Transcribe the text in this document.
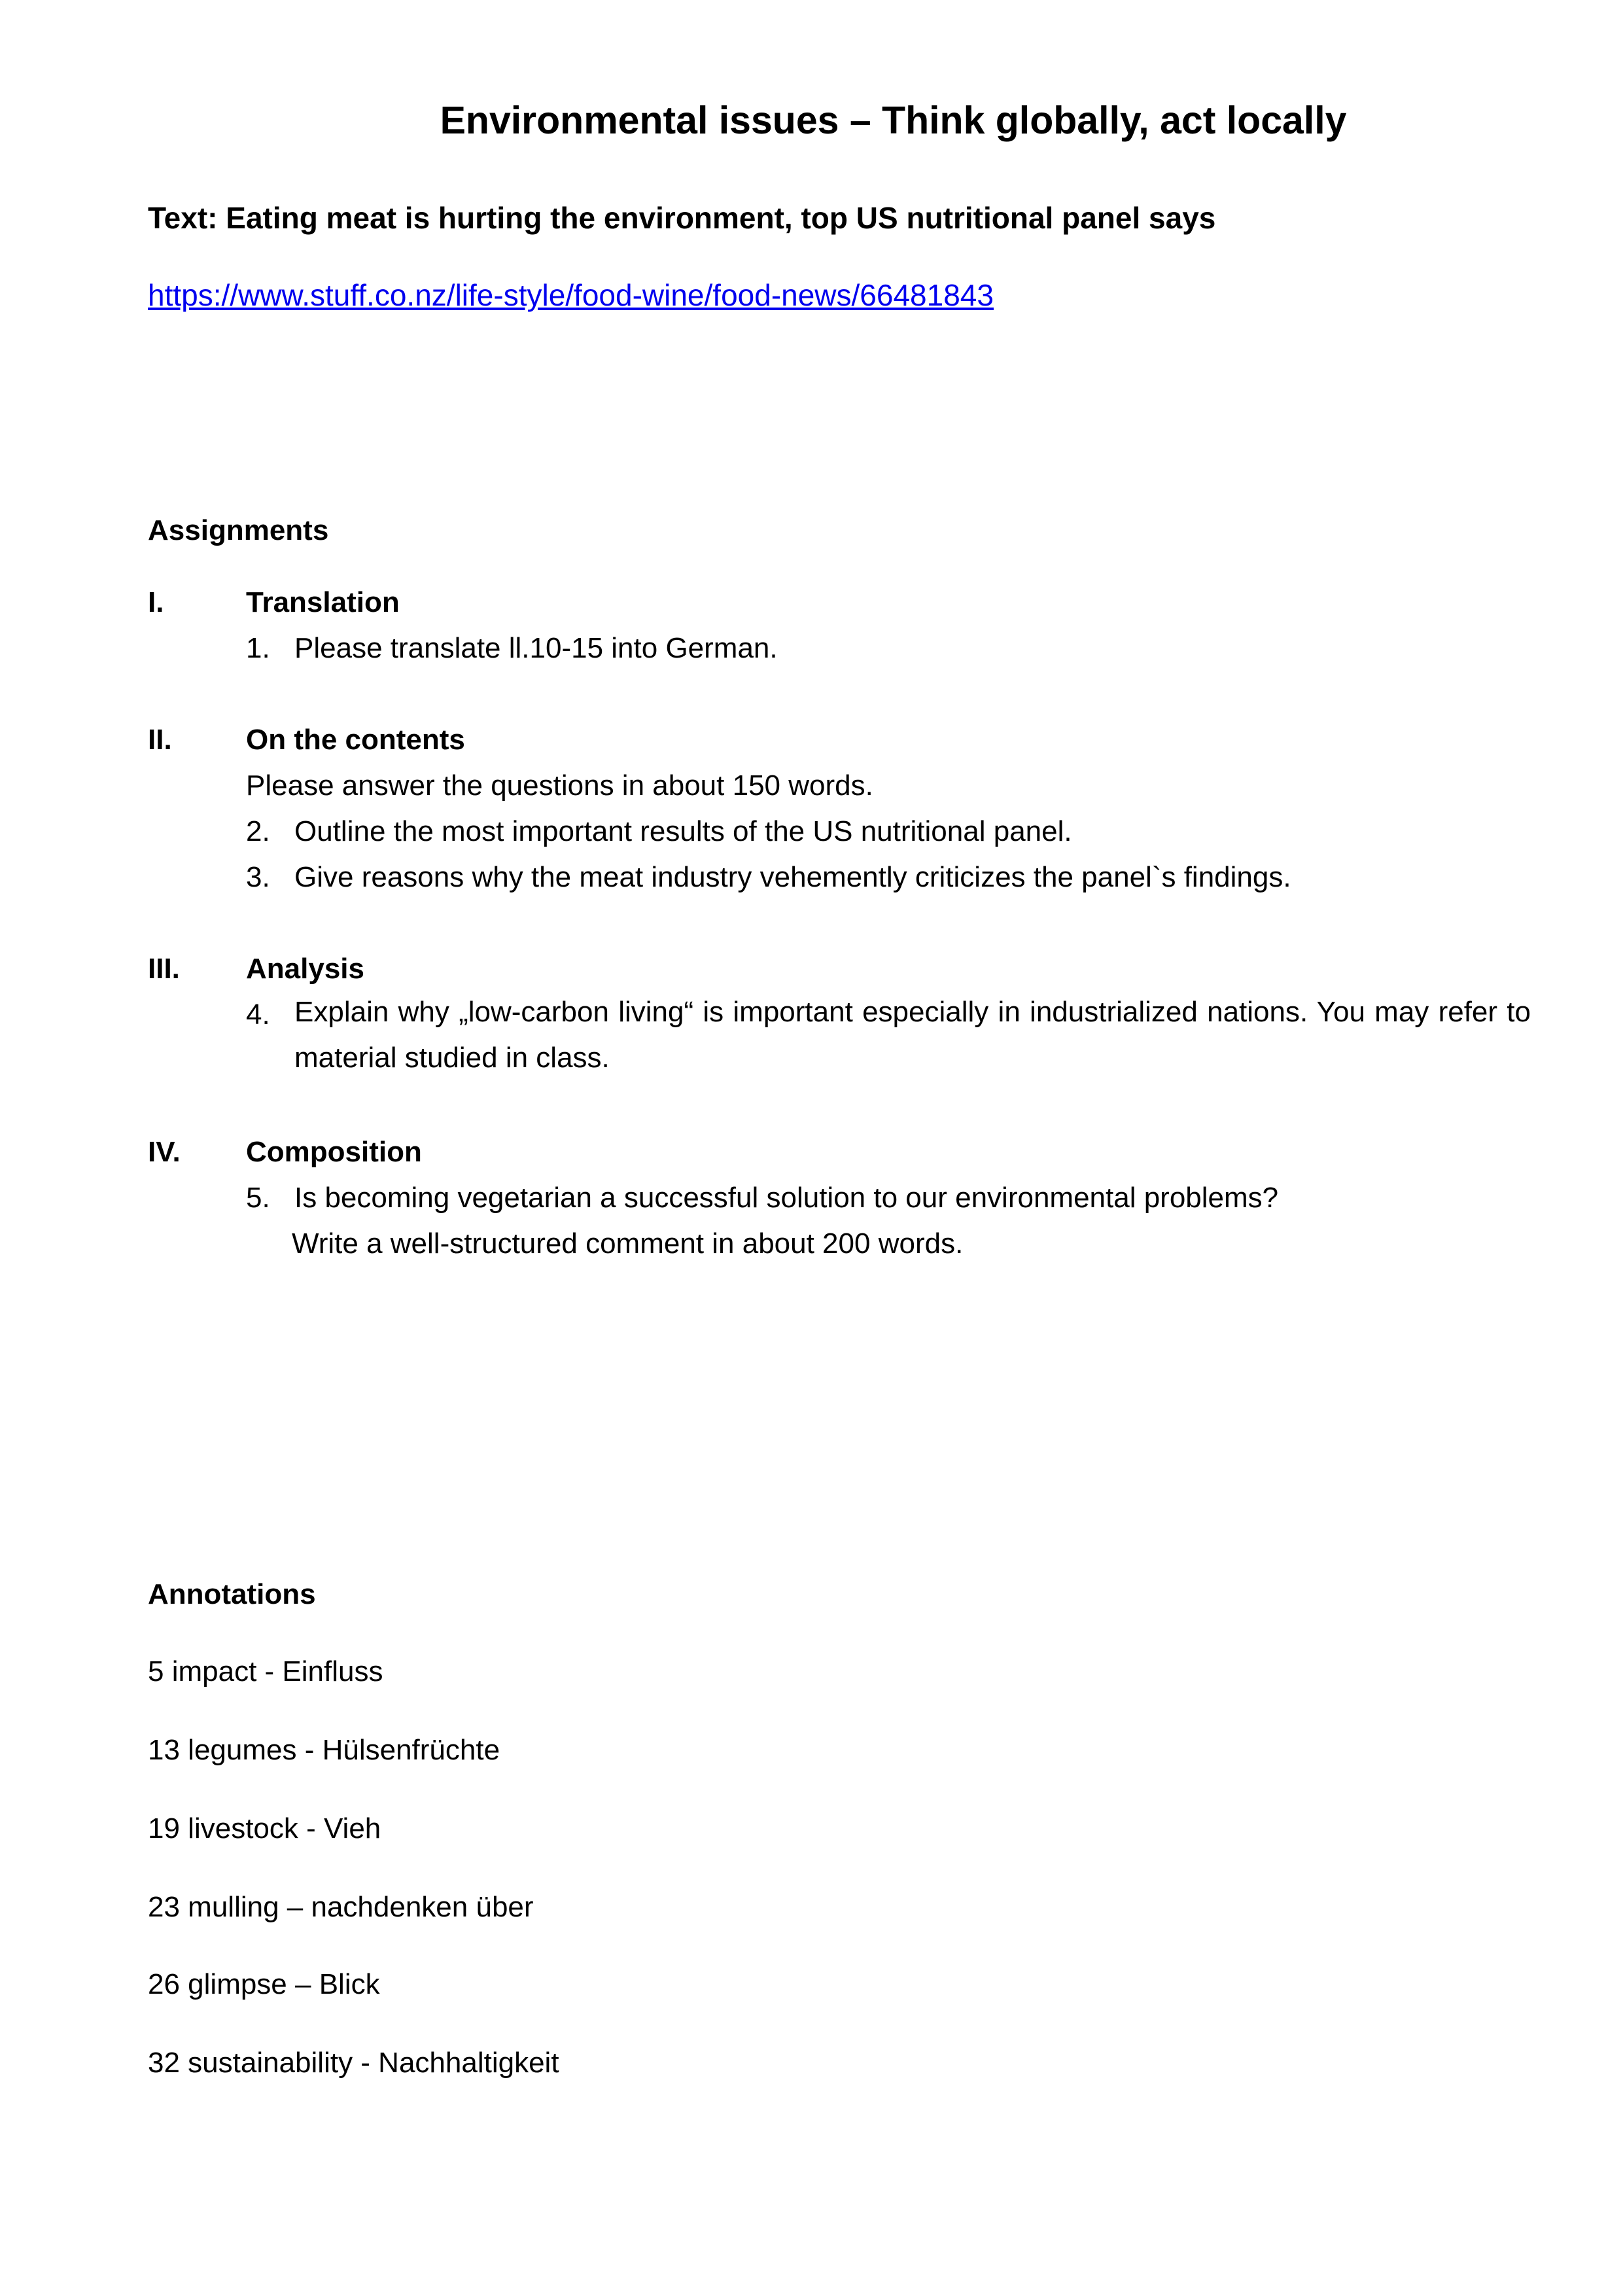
Environmental issues – Think globally, act locally
Text: Eating meat is hurting the environment, top US nutritional panel says
https://www.stuff.co.nz/life-style/food-wine/food-news/66481843
Assignments
I.	Translation
1. Please translate ll.10-15 into German.
II.	On the contents
Please answer the questions in about 150 words.
2. Outline the most important results of the US nutritional panel.
3. Give reasons why the meat industry vehemently criticizes the panel`s findings.
III. Analysis
4. Explain why „low-carbon living“ is important especially in industrialized nations. You may refer to material studied in class.
IV. Composition
5. Is becoming vegetarian a successful solution to our environmental problems?
Write a well-structured comment in about 200 words.
Annotations
5 impact - Einfluss
13 legumes - Hülsenfrüchte
19 livestock - Vieh
23 mulling – nachdenken über
26 glimpse – Blick
32 sustainability - Nachhaltigkeit
